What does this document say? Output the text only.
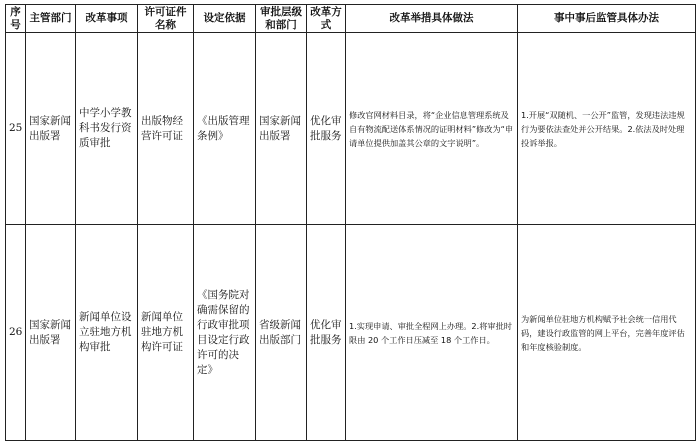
序号	主管部门	改革事项	许可证件名称	设定依据	审批层级和部门	改革方式	改革举措具体做法	事中事后监管具体办法
25	国家新闻出版署	中学小学教科书发行资质审批	出版物经营许可证	《出版管理条例》	国家新闻出版署	优化审批服务	修改官网材料目录，将“企业信息管理系统及自有物流配送体系情况的证明材料”修改为“申请单位提供加盖其公章的文字说明”。	1.开展“双随机、一公开”监管，发现违法违规行为要依法查处并公开结果。2.依法及时处理投诉举报。
26	国家新闻出版署	新闻单位设立驻地方机构审批	新闻单位驻地方机构许可证	《国务院对确需保留的行政审批项目设定行政许可的决定》	省级新闻出版部门	优化审批服务	1.实现申请、审批全程网上办理。2.将审批时限由 20 个工作日压减至 18 个工作日。	为新闻单位驻地方机构赋予社会统一信用代码，建设行政监管的网上平台，完善年度评估和年度核验制度。
